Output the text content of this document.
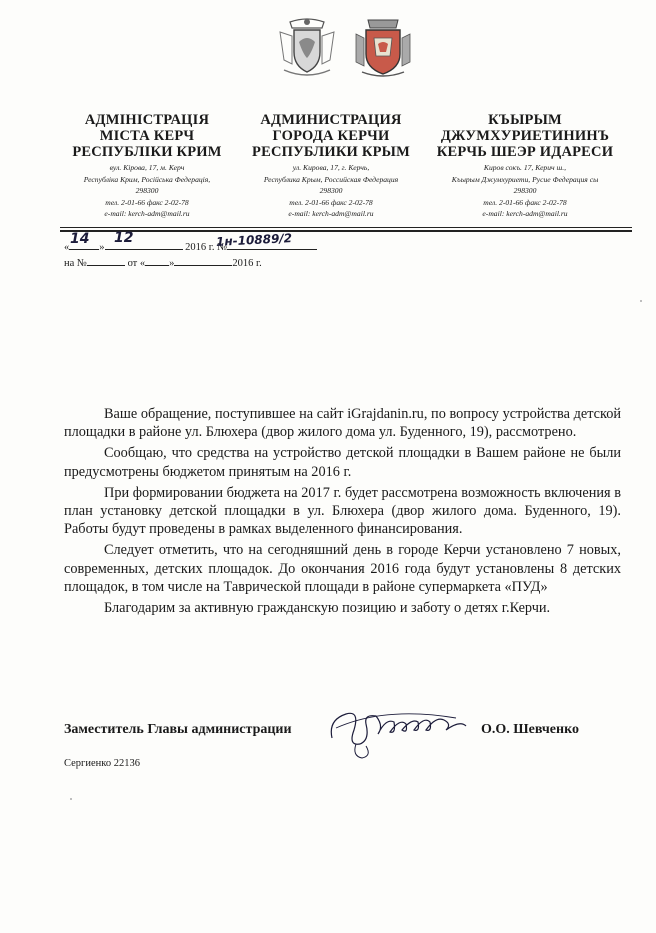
АДМІНІСТРАЦІЯ
МІСТА КЕРЧ
РЕСПУБЛІКИ КРИМ
вул. Кірова, 17, м. Керч
Республіка Крим, Російська Федерація,
298300
тел. 2-01-66 факс 2-02-78
e-mail: kerch-adm@mail.ru
АДМИНИСТРАЦИЯ
ГОРОДА КЕРЧИ
РЕСПУБЛИКИ КРЫМ
ул. Кирова, 17, г. Керчь,
Республика Крым, Российская Федерация
298300
тел. 2-01-66 факс 2-02-78
e-mail: kerch-adm@mail.ru
КЪЫРЫМ
ДЖУМХУРИЕТИНИНЪ
КЕРЧЬ ШЕЭР ИДАРЕСИ
Киров сокъ. 17, Керич ш.,
Къырым Джумхуриети, Русие Федерация сы
298300
тел. 2-01-66 факс 2-02-78
e-mail: kerch-adm@mail.ru
«	»	2016 г. №
14 12	1н-10889/2
на №	от « »	2016 г.

Ваше обращение, поступившее на сайт iGrajdanin.ru, по вопросу устройства детской площадки в районе ул. Блюхера (двор жилого дома ул. Буденного, 19), рассмотрено.

Сообщаю, что средства на устройство детской площадки в Вашем районе не были предусмотрены бюджетом принятым на 2016 г.

При формировании бюджета на 2017 г. будет рассмотрена возможность включения в план установку детской площадки в ул. Блюхера (двор жилого дома. Буденного, 19). Работы будут проведены в рамках выделенного финансирования.

Следует отметить, что на сегодняшний день в городе Керчи установлено 7 новых, современных, детских площадок. До окончания 2016 года будут установлены 8 детских площадок, в том числе на Таврической площади в районе супермаркета «ПУД»

Благодарим за активную гражданскую позицию и заботу о детях г.Керчи.

Заместитель Главы администрации	О.О. Шевченко
Сергиенко 22136
